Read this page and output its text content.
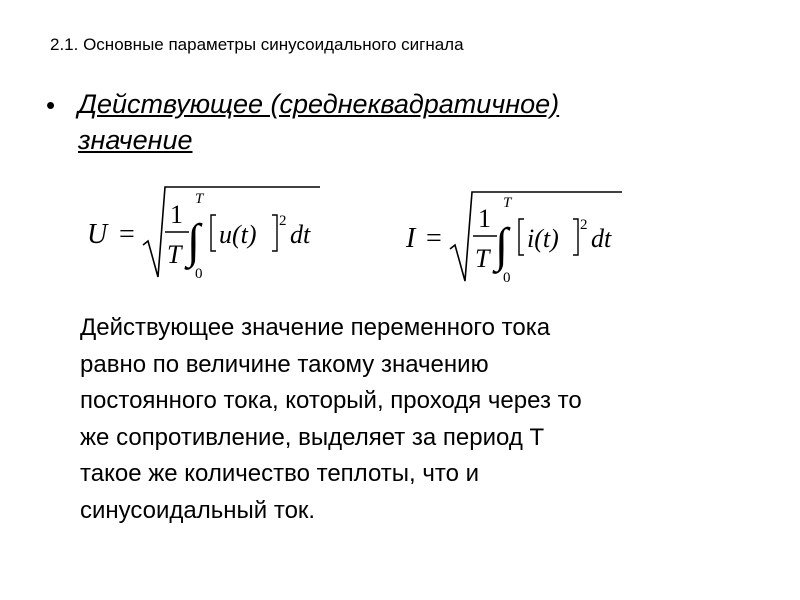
2.1. Основные параметры синусоидального сигнала
• Действующее (среднеквадратичное)
значение
U =
1
T
T
∫
0
u(t) 2 dt	I =
1
T
T
∫
0
i(t) 2 dt
Действующее значение переменного тока
равно по величине такому значению
постоянного тока, который, проходя через то
же сопротивление, выделяет за период Т
такое же количество теплоты, что и
синусоидальный ток.
